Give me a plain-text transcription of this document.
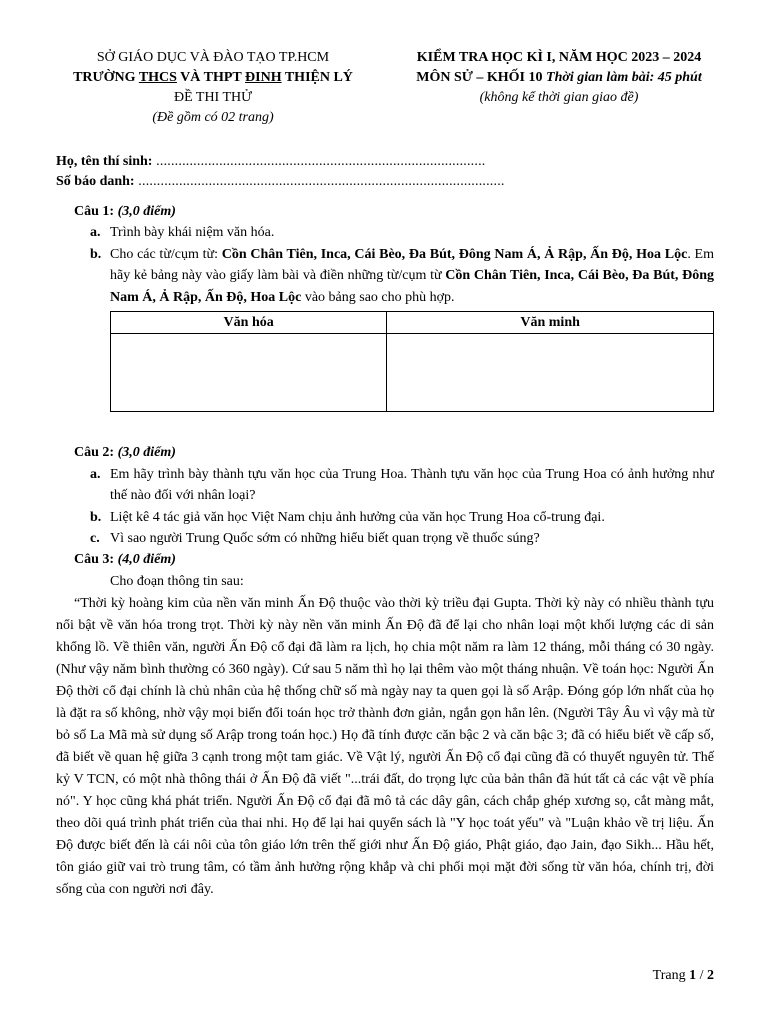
SỞ GIÁO DỤC VÀ ĐÀO TẠO TP.HCM
TRƯỜNG THCS VÀ THPT ĐINH THIỆN LÝ
ĐỀ THI THỬ
(Đề gồm có 02 trang)
KIỂM TRA HỌC KÌ I, NĂM HỌC 2023 – 2024
MÔN SỬ – KHỐI 10 Thời gian làm bài: 45 phút
(không kể thời gian giao đề)
Họ, tên thí sinh: .........................................................................................
Số báo danh: ...................................................................................................
Câu 1: (3,0 điểm)
a. Trình bày khái niệm văn hóa.
b. Cho các từ/cụm từ: Cồn Chân Tiên, Inca, Cái Bèo, Đa Bút, Đông Nam Á, Ả Rập, Ấn Độ, Hoa Lộc. Em hãy kẻ bảng này vào giấy làm bài và điền những từ/cụm từ Cồn Chân Tiên, Inca, Cái Bèo, Đa Bút, Đông Nam Á, Ả Rập, Ấn Độ, Hoa Lộc vào bảng sao cho phù hợp.
Văn hóa	Văn minh

Câu 2: (3,0 điểm)
a. Em hãy trình bày thành tựu văn học của Trung Hoa. Thành tựu văn học của Trung Hoa có ảnh hưởng như thế nào đối với nhân loại?
b. Liệt kê 4 tác giả văn học Việt Nam chịu ảnh hưởng của văn học Trung Hoa cổ-trung đại.
c. Vì sao người Trung Quốc sớm có những hiểu biết quan trọng về thuốc súng?
Câu 3: (4,0 điểm)
Cho đoạn thông tin sau:
“Thời kỳ hoàng kim của nền văn minh Ấn Độ thuộc vào thời kỳ triều đại Gupta. Thời kỳ này có nhiều thành tựu nổi bật về văn hóa trong trọt. Thời kỳ này nền văn minh Ấn Độ đã để lại cho nhân loại một khối lượng các di sản khổng lồ. Về thiên văn, người Ấn Độ cổ đại đã làm ra lịch, họ chia một năm ra làm 12 tháng, mỗi tháng có 30 ngày. (Như vậy năm bình thường có 360 ngày). Cứ sau 5 năm thì họ lại thêm vào một tháng nhuận. Về toán học: Người Ấn Độ thời cổ đại chính là chủ nhân của hệ thống chữ số mà ngày nay ta quen gọi là số Arập. Đóng góp lớn nhất của họ là đặt ra số không, nhờ vậy mọi biến đổi toán học trở thành đơn giản, ngắn gọn hẳn lên. (Người Tây Âu vì vậy mà từ bỏ số La Mã mà sử dụng số Arập trong toán học.) Họ đã tính được căn bậc 2 và căn bậc 3; đã có hiểu biết về cấp số, đã biết về quan hệ giữa 3 cạnh trong một tam giác. Về Vật lý, người Ấn Độ cổ đại cũng đã có thuyết nguyên tử. Thế kỷ V TCN, có một nhà thông thái ở Ấn Độ đã viết "...trái đất, do trọng lực của bản thân đã hút tất cả các vật về phía nó". Y học cũng khá phát triển. Người Ấn Độ cổ đại đã mô tả các dây gân, cách chắp ghép xương sọ, cắt màng mắt, theo dõi quá trình phát triển của thai nhi. Họ để lại hai quyển sách là "Y học toát yếu" và "Luận khảo về trị liệu. Ấn Độ được biết đến là cái nôi của tôn giáo lớn trên thế giới như Ấn Độ giáo, Phật giáo, đạo Jain, đạo Sikh... Hầu hết, tôn giáo giữ vai trò trung tâm, có tầm ảnh hưởng rộng khắp và chi phối mọi mặt đời sống từ văn hóa, chính trị, đời sống của con người nơi đây.
Trang 1 / 2
